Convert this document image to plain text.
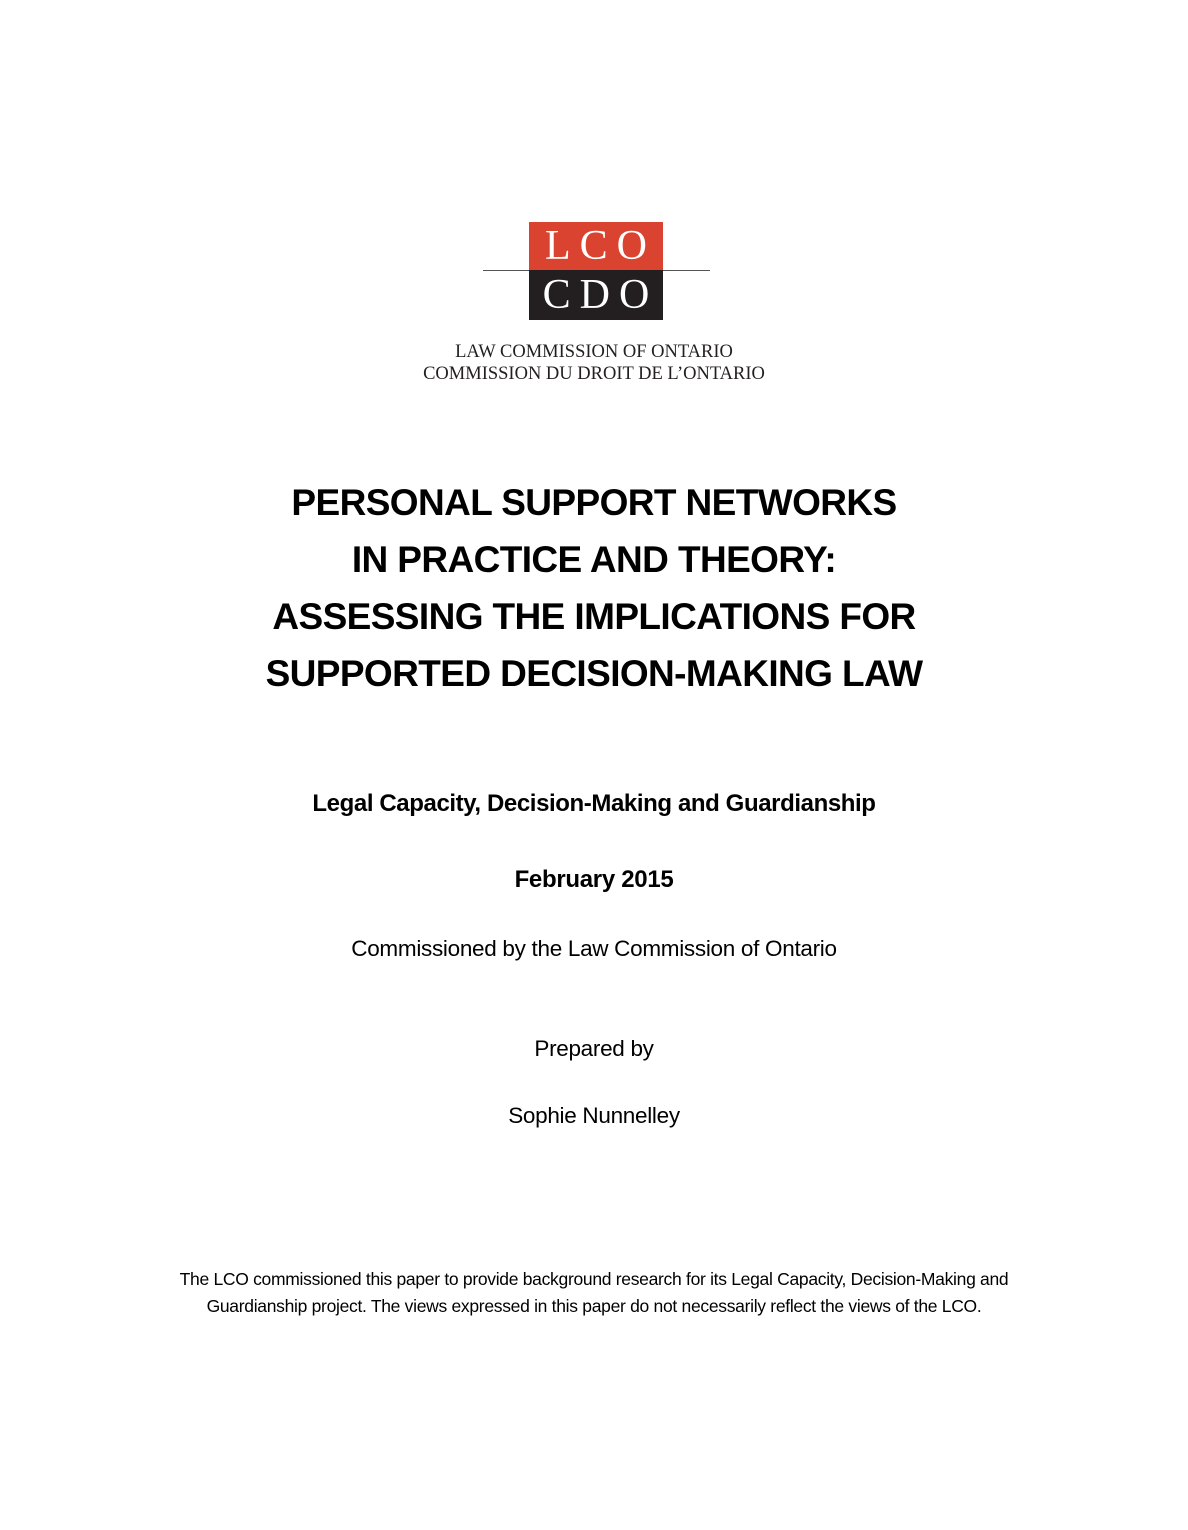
LCO
CDO
LAW COMMISSION OF ONTARIO
COMMISSION DU DROIT DE L’ONTARIO
PERSONAL SUPPORT NETWORKS
IN PRACTICE AND THEORY:
ASSESSING THE IMPLICATIONS FOR
SUPPORTED DECISION-MAKING LAW
Legal Capacity, Decision-Making and Guardianship
February 2015
Commissioned by the Law Commission of Ontario
Prepared by
Sophie Nunnelley
The LCO commissioned this paper to provide background research for its Legal Capacity, Decision-Making and Guardianship project. The views expressed in this paper do not necessarily reflect the views of the LCO.
